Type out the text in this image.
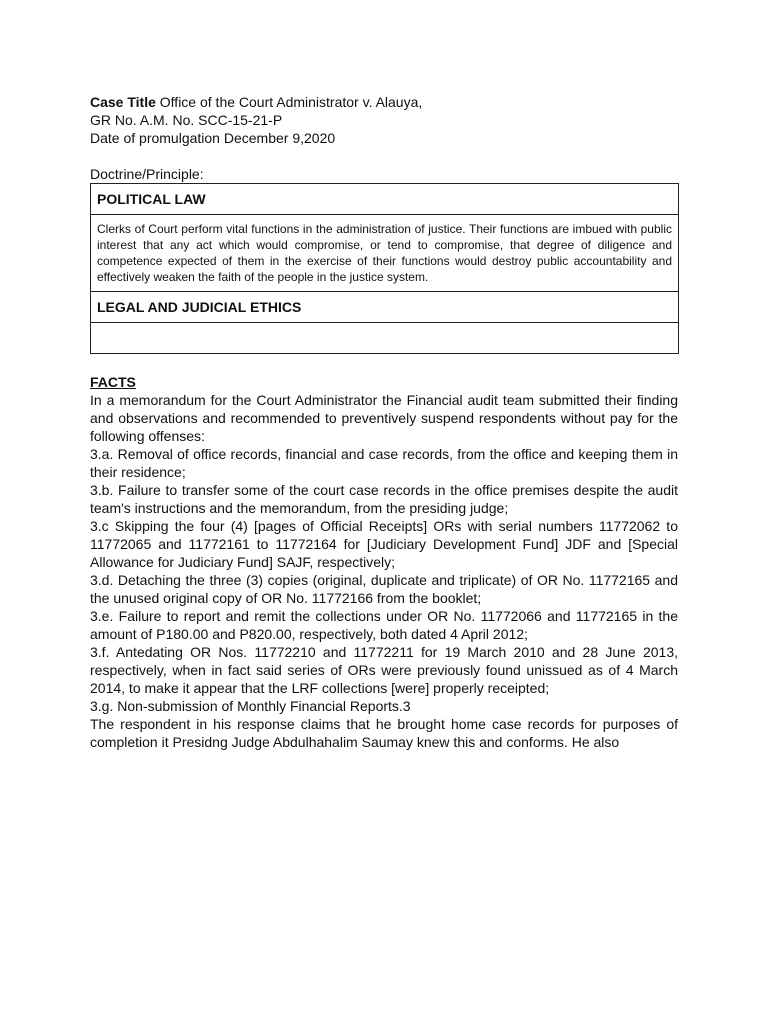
Case Title Office of the Court Administrator v. Alauya,

GR No. A.M. No. SCC-15-21-P

Date of promulgation December 9,2020

Doctrine/Principle:

POLITICAL LAW
Clerks of Court perform vital functions in the administration of justice. Their functions are imbued with public interest that any act which would compromise, or tend to compromise, that degree of diligence and competence expected of them in the exercise of their functions would destroy public accountability and effectively weaken the faith of the people in the justice system.
LEGAL AND JUDICIAL ETHICS

FACTS

In a memorandum for the Court Administrator the Financial audit team submitted their finding and observations and recommended to preventively suspend respondents without pay for the following offenses:

3.a. Removal of office records, financial and case records, from the office and keeping them in their residence;

3.b. Failure to transfer some of the court case records in the office premises despite the audit team's instructions and the memorandum, from the presiding judge;

3.c Skipping the four (4) [pages of Official Receipts] ORs with serial numbers 11772062 to 11772065 and 11772161 to 11772164 for [Judiciary Development Fund] JDF and [Special Allowance for Judiciary Fund] SAJF, respectively;

3.d. Detaching the three (3) copies (original, duplicate and triplicate) of OR No. 11772165 and the unused original copy of OR No. 11772166 from the booklet;

3.e. Failure to report and remit the collections under OR No. 11772066 and 11772165 in the amount of P180.00 and P820.00, respectively, both dated 4 April 2012;

3.f. Antedating OR Nos. 11772210 and 11772211 for 19 March 2010 and 28 June 2013, respectively, when in fact said series of ORs were previously found unissued as of 4 March 2014, to make it appear that the LRF collections [were] properly receipted;

3.g. Non-submission of Monthly Financial Reports.3

The respondent in his response claims that he brought home case records for purposes of completion it Presidng Judge Abdulhahalim Saumay knew this and conforms. He also
